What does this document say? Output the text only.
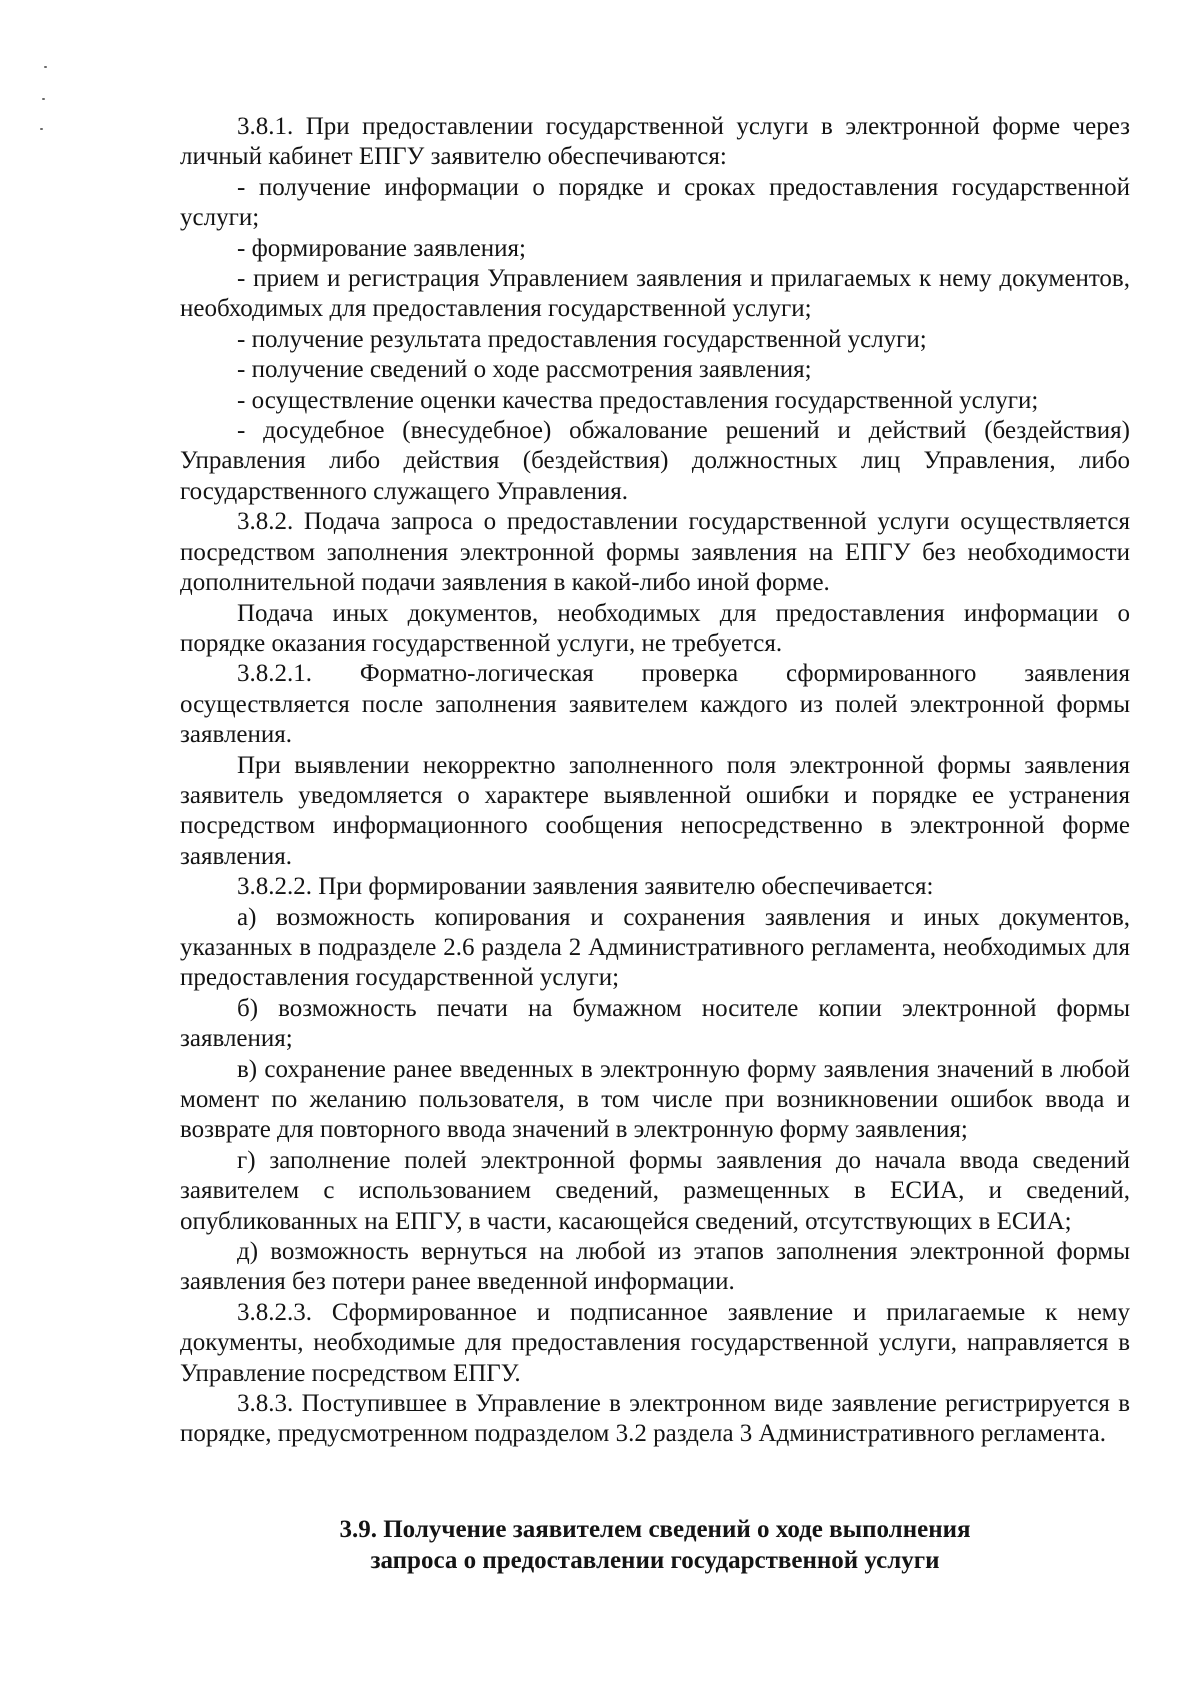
3.8.1. При предоставлении государственной услуги в электронной форме через личный кабинет ЕПГУ заявителю обеспечиваются:

- получение информации о порядке и сроках предоставления государственной услуги;

- формирование заявления;

- прием и регистрация Управлением заявления и прилагаемых к нему документов, необходимых для предоставления государственной услуги;

- получение результата предоставления государственной услуги;

- получение сведений о ходе рассмотрения заявления;

- осуществление оценки качества предоставления государственной услуги;

- досудебное (внесудебное) обжалование решений и действий (бездействия) Управления либо действия (бездействия) должностных лиц Управления, либо государственного служащего Управления.

3.8.2. Подача запроса о предоставлении государственной услуги осуществляется посредством заполнения электронной формы заявления на ЕПГУ без необходимости дополнительной подачи заявления в какой-либо иной форме.

Подача иных документов, необходимых для предоставления информации о порядке оказания государственной услуги, не требуется.

3.8.2.1. Форматно-логическая проверка сформированного заявления осуществляется после заполнения заявителем каждого из полей электронной формы заявления.

При выявлении некорректно заполненного поля электронной формы заявления заявитель уведомляется о характере выявленной ошибки и порядке ее устранения посредством информационного сообщения непосредственно в электронной форме заявления.

3.8.2.2. При формировании заявления заявителю обеспечивается:

а) возможность копирования и сохранения заявления и иных документов, указанных в подразделе 2.6 раздела 2 Административного регламента, необходимых для предоставления государственной услуги;

б) возможность печати на бумажном носителе копии электронной формы заявления;

в) сохранение ранее введенных в электронную форму заявления значений в любой момент по желанию пользователя, в том числе при возникновении ошибок ввода и возврате для повторного ввода значений в электронную форму заявления;

г) заполнение полей электронной формы заявления до начала ввода сведений заявителем с использованием сведений, размещенных в ЕСИА, и сведений, опубликованных на ЕПГУ, в части, касающейся сведений, отсутствующих в ЕСИА;

д) возможность вернуться на любой из этапов заполнения электронной формы заявления без потери ранее введенной информации.

3.8.2.3. Сформированное и подписанное заявление и прилагаемые к нему документы, необходимые для предоставления государственной услуги, направляется в Управление посредством ЕПГУ.

3.8.3. Поступившее в Управление в электронном виде заявление регистрируется в порядке, предусмотренном подразделом 3.2 раздела 3 Административного регламента.

3.9. Получение заявителем сведений о ходе выполнения
запроса о предоставлении государственной услуги
